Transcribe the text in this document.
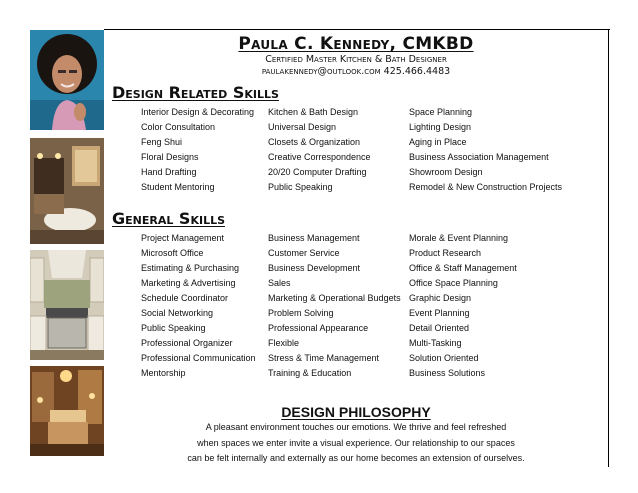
Paula C. Kennedy, CMKBD
Certified Master Kitchen & Bath Designer
paulakennedy@outlook.com 425.466.4483
Design Related Skills
Interior Design & Decorating
Color Consultation
Feng Shui
Floral Designs
Hand Drafting
Student Mentoring
Kitchen & Bath Design
Universal Design
Closets & Organization
Creative Correspondence
20/20 Computer Drafting
Public Speaking
Space Planning
Lighting Design
Aging in Place
Business Association Management
Showroom Design
Remodel & New Construction Projects
General Skills
Project Management
Microsoft Office
Estimating & Purchasing
Marketing & Advertising
Schedule Coordinator
Social Networking
Public Speaking
Professional Organizer
Professional Communication
Mentorship
Business Management
Customer Service
Business Development
Sales
Marketing & Operational Budgets
Problem Solving
Professional Appearance
Flexible
Stress & Time Management
Training & Education
Morale & Event Planning
Product Research
Office & Staff Management
Office Space Planning
Graphic Design
Event Planning
Detail Oriented
Multi-Tasking
Solution Oriented
Business Solutions
DESIGN PHILOSOPHY
A pleasant environment touches our emotions. We thrive and feel refreshed
when spaces we enter invite a visual experience. Our relationship to our spaces
can be felt internally and externally as our home becomes an extension of ourselves.
